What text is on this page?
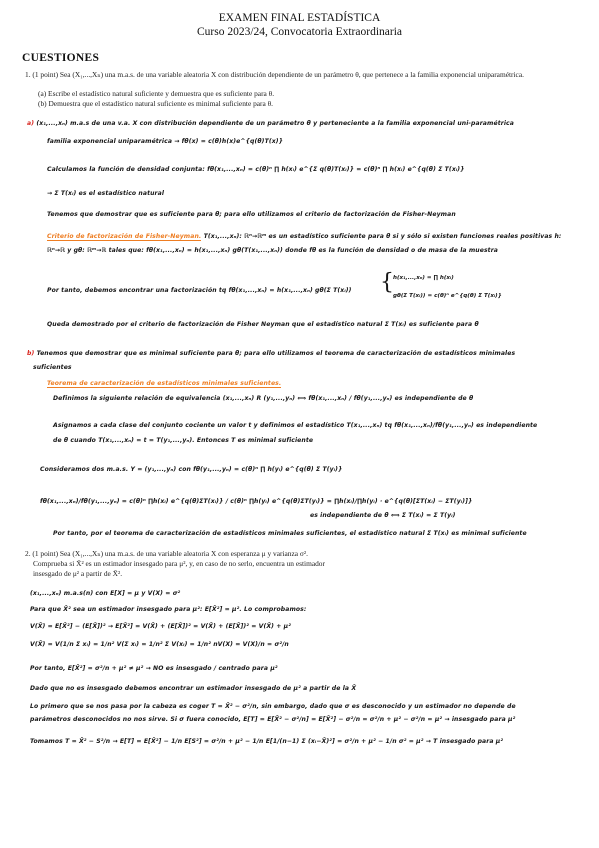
EXAMEN FINAL ESTADÍSTICA
Curso 2023/24, Convocatoria Extraordinaria
CUESTIONES
1. (1 point) Sea (X₁,...,Xₙ) una m.a.s. de una variable aleatoria X con distribución dependiente de un parámetro θ, que pertenece a la familia exponencial uniparamétrica.
(a) Escribe el estadístico natural suficiente y demuestra que es suficiente para θ.
(b) Demuestra que el estadístico natural suficiente es minimal suficiente para θ.
a) (x₁,...,xₙ) m.a.s de una v.a. X con distribución dependiente de un parámetro θ y perteneciente a la familia exponencial uni-paramétrica
familia exponencial uniparamétrica → fθ(x) = c(θ)h(x)e^{q(θ)T(x)}
Calculamos la función de densidad conjunta: fθ(x₁,...,xₙ) = c(θ)ⁿ ∏ h(xᵢ) e^{Σ q(θ)T(xᵢ)} = c(θ)ⁿ ∏ h(xᵢ) e^{q(θ) Σ T(xᵢ)}
→ Σ T(xᵢ) es el estadístico natural
Tenemos que demostrar que es suficiente para θ; para ello utilizamos el criterio de factorización de Fisher-Neyman
Criterio de factorización de Fisher-Neyman. T(x₁,...,xₙ): ℝⁿ→ℝᵐ es un estadístico suficiente para θ si y sólo si existen funciones reales positivas h: ℝⁿ→ℝ y gθ: ℝᵐ→ℝ tales que: fθ(x₁,...,xₙ) = h(x₁,...,xₙ) gθ(T(x₁,...,xₙ)) donde fθ es la función de densidad o de masa de la muestra
Por tanto, debemos encontrar una factorización tq fθ(x₁,...,xₙ) = h(x₁,...,xₙ) gθ(Σ T(xᵢ)) { h(x₁,...,xₙ) = ∏ h(xᵢ)
gθ(Σ T(xᵢ)) = c(θ)ⁿ e^{q(θ) Σ T(xᵢ)}
Queda demostrado por el criterio de factorización de Fisher Neyman que el estadístico natural Σ T(xᵢ) es suficiente para θ
b) Tenemos que demostrar que es minimal suficiente para θ; para ello utilizamos el teorema de caracterización de estadísticos minimales
suficientes
Teorema de caracterización de estadísticos minimales suficientes.
Definimos la siguiente relación de equivalencia (x₁,...,xₙ) R (y₁,...,yₙ) ⟺ fθ(x₁,...,xₙ) / fθ(y₁,...,yₙ) es independiente de θ
Asignamos a cada clase del conjunto cociente un valor t y definimos el estadístico T(x₁,...,xₙ) tq fθ(x₁,...,xₙ)/fθ(y₁,...,yₙ) es independiente
de θ cuando T(x₁,...,xₙ) = t = T(y₁,...,yₙ). Entonces T es minimal suficiente
Consideramos dos m.a.s. Y = (y₁,...,yₙ) con fθ(y₁,...,yₙ) = c(θ)ⁿ ∏ h(yᵢ) e^{q(θ) Σ T(yᵢ)}
fθ(x₁,...,xₙ)/fθ(y₁,...,yₙ) = c(θ)ⁿ ∏h(xᵢ) e^{q(θ)ΣT(xᵢ)} / c(θ)ⁿ ∏h(yᵢ) e^{q(θ)ΣT(yᵢ)} = ∏h(xᵢ)/∏h(yᵢ) · e^{q(θ)[ΣT(xᵢ) − ΣT(yᵢ)]}
es independiente de θ ⟺ Σ T(xᵢ) = Σ T(yᵢ)
Por tanto, por el teorema de caracterización de estadísticos minimales suficientes, el estadístico natural Σ T(xᵢ) es minimal suficiente
2. (1 point) Sea (X₁,...,Xₙ) una m.a.s. de una variable aleatoria X con esperanza μ y varianza σ².
Comprueba si X̄² es un estimador insesgado para μ², y, en caso de no serlo, encuentra un estimador
insesgado de μ² a partir de X̄².
(x₁,...,xₙ) m.a.s(n) con E[X] = μ y V(X) = σ²
Para que X̄² sea un estimador insesgado para μ²: E[X̄²] = μ². Lo comprobamos:
V(X̄) = E[X̄²] − (E[X̄])² → E[X̄²] = V(X̄) + (E[X̄])² = V(X̄) + (E[X̄])² = V(X̄) + μ²
V(X̄) = V(1/n Σ xᵢ) = 1/n² V(Σ xᵢ) = 1/n² Σ V(xᵢ) = 1/n² nV(X) = V(X)/n = σ²/n
Por tanto, E[X̄²] = σ²/n + μ² ≠ μ² → NO es insesgado / centrado para μ²
Dado que no es insesgado debemos encontrar un estimador insesgado de μ² a partir de la X̄
Lo primero que se nos pasa por la cabeza es coger T = X̄² − σ²/n, sin embargo, dado que σ es desconocido y un estimador no depende de
parámetros desconocidos no nos sirve. Si σ fuera conocido, E[T] = E[X̄² − σ²/n] = E[X̄²] − σ²/n = σ²/n + μ² − σ²/n = μ² → insesgado para μ²
Tomamos T = X̄² − S²/n → E[T] = E[X̄²] − 1/n E[S²] = σ²/n + μ² − 1/n E[1/(n−1) Σ (xᵢ−X̄)²] = σ²/n + μ² − 1/n σ² = μ² → T insesgado para μ²
